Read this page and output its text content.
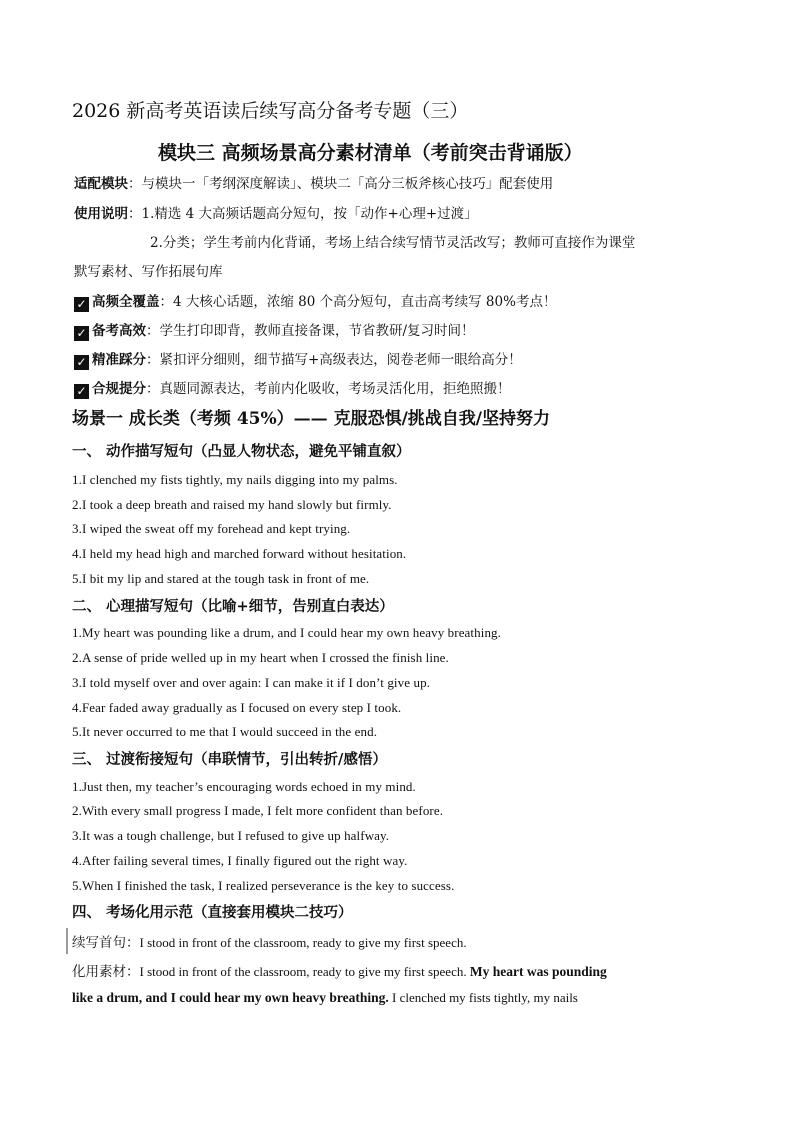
2026 新高考英语读后续写高分备考专题（三）
模块三 高频场景高分素材清单（考前突击背诵版）
适配模块：与模块一「考纲深度解读」、模块二「高分三板斧核心技巧」配套使用
使用说明：1.精选 4 大高频话题高分短句，按「动作+心理+过渡」
2.分类；学生考前内化背诵，考场上结合续写情节灵活改写；教师可直接作为课堂
默写素材、写作拓展句库
✓ 高频全覆盖：4 大核心话题，浓缩 80 个高分短句，直击高考续写 80%考点！
✓ 备考高效：学生打印即背，教师直接备课，节省教研/复习时间！
✓ 精准踩分：紧扣评分细则，细节描写+高级表达，阅卷老师一眼给高分！
✓ 合规提分：真题同源表达，考前内化吸收，考场灵活化用，拒绝照搬！
场景一 成长类（考频 45%）—— 克服恐惧/挑战自我/坚持努力
一、 动作描写短句（凸显人物状态，避免平铺直叙）
1.I clenched my fists tightly, my nails digging into my palms.
2.I took a deep breath and raised my hand slowly but firmly.
3.I wiped the sweat off my forehead and kept trying.
4.I held my head high and marched forward without hesitation.
5.I bit my lip and stared at the tough task in front of me.
二、 心理描写短句（比喻+细节，告别直白表达）
1.My heart was pounding like a drum, and I could hear my own heavy breathing.
2.A sense of pride welled up in my heart when I crossed the finish line.
3.I told myself over and over again: I can make it if I don’t give up.
4.Fear faded away gradually as I focused on every step I took.
5.It never occurred to me that I would succeed in the end.
三、 过渡衔接短句（串联情节，引出转折/感悟）
1.Just then, my teacher’s encouraging words echoed in my mind.
2.With every small progress I made, I felt more confident than before.
3.It was a tough challenge, but I refused to give up halfway.
4.After failing several times, I finally figured out the right way.
5.When I finished the task, I realized perseverance is the key to success.
四、 考场化用示范（直接套用模块二技巧）
续写首句：I stood in front of the classroom, ready to give my first speech.
化用素材：I stood in front of the classroom, ready to give my first speech. My heart was pounding
like a drum, and I could hear my own heavy breathing. I clenched my fists tightly, my nails
